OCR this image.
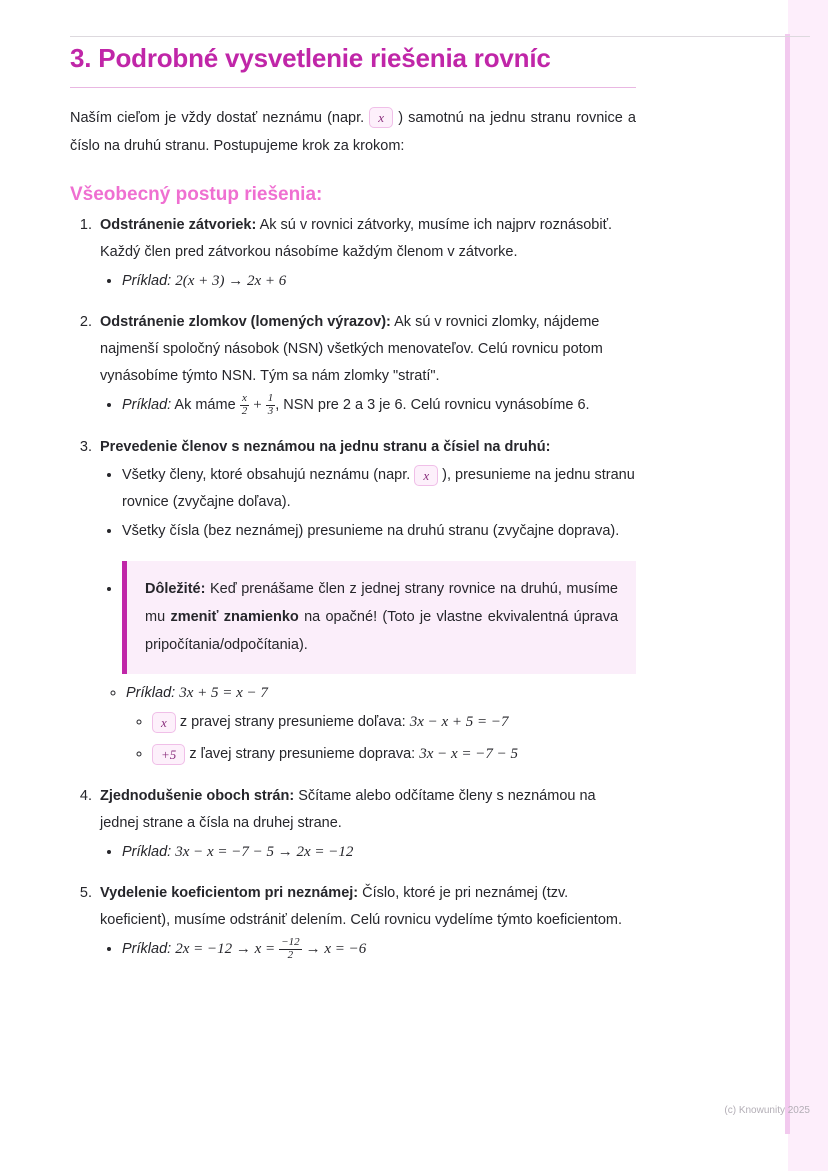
3. Podrobné vysvetlenie riešenia rovníc

Naším cieľom je vždy dostať neznámu (napr. x ) samotnú na jednu stranu rovnice a číslo na druhú stranu. Postupujeme krok za krokom:

Všeobecný postup riešenia:
1. Odstránenie zátvoriek: Ak sú v rovnici zátvorky, musíme ich najprv roznásobiť. Každý člen pred zátvorkou násobíme každým členom v zátvorke.
• Príklad: 2(x + 3) → 2x + 6
2. Odstránenie zlomkov (lomených výrazov): Ak sú v rovnici zlomky, nájdeme najmenší spoločný násobok (NSN) všetkých menovateľov. Celú rovnicu potom vynásobíme týmto NSN. Tým sa nám zlomky "stratí".
• Príklad: Ak máme $\frac{x}{2} + \frac{1}{3}$ , NSN pre 2 a 3 je 6. Celú rovnicu vynásobíme 6.
3. Prevedenie členov s neznámou na jednu stranu a čísiel na druhú:
• Všetky členy, ktoré obsahujú neznámu (napr. x ), presunieme na jednu stranu rovnice (zvyčajne doľava).
• Všetky čísla (bez neznámej) presunieme na druhú stranu (zvyčajne doprava).
• Dôležité: Keď prenášame člen z jednej strany rovnice na druhú, musíme mu zmeniť znamienko na opačné! (Toto je vlastne ekvivalentná úprava pripočítania/odpočítania).
◦ Príklad: 3x + 5 = x − 7
◦ x z pravej strany presunieme doľava: 3x − x + 5 = −7
◦ +5 z ľavej strany presunieme doprava: 3x − x = −7 − 5
4. Zjednodušenie oboch strán: Sčítame alebo odčítame členy s neznámou na jednej strane a čísla na druhej strane.
• Príklad: 3x − x = −7 − 5 → 2x = −12
5. Vydelenie koeficientom pri neznámej: Číslo, ktoré je pri neznámej (tzv. koeficient), musíme odstrániť delením. Celú rovnicu vydelíme týmto koeficientom.
• Príklad: $2x = -12 \to x = \frac{-12}{2} \to x = -6$
(c) Knowunity 2025
